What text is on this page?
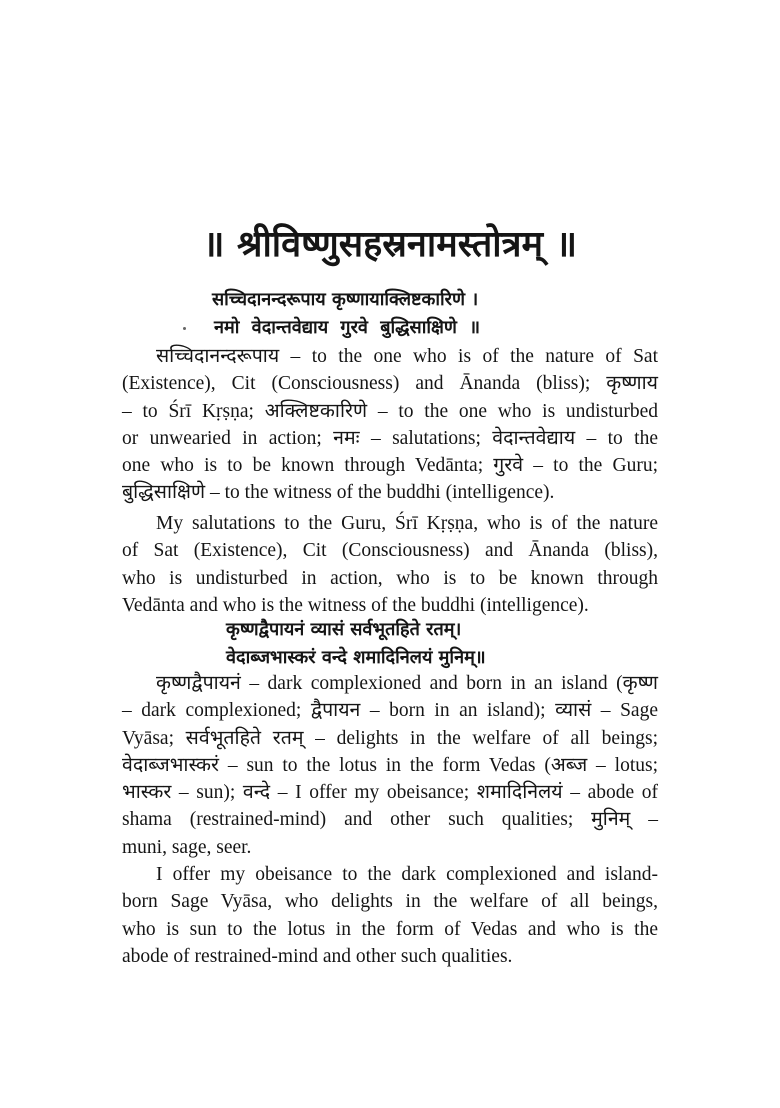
॥ श्रीविष्णुसहस्रनामस्तोत्रम् ॥
सच्चिदानन्दरूपाय कृष्णायाक्लिष्टकारिणे ।
नमो वेदान्तवेद्याय गुरवे बुद्धिसाक्षिणे ॥
सच्चिदानन्दरूपाय – to the one who is of the nature of Sat
(Existence), Cit (Consciousness) and Ānanda (bliss); कृष्णाय
– to Śrī Kṛṣṇa; अक्लिष्टकारिणे – to the one who is undisturbed
or unwearied in action; नमः – salutations; वेदान्तवेद्याय – to the
one who is to be known through Vedānta; गुरवे – to the Guru;
बुद्धिसाक्षिणे – to the witness of the buddhi (intelligence).
My salutations to the Guru, Śrī Kṛṣṇa, who is of the nature
of Sat (Existence), Cit (Consciousness) and Ānanda (bliss),
who is undisturbed in action, who is to be known through
Vedānta and who is the witness of the buddhi (intelligence).
कृष्णद्वैपायनं व्यासं सर्वभूतहिते रतम्।
वेदाब्जभास्करं वन्दे शमादिनिलयं मुनिम्॥
कृष्णद्वैपायनं – dark complexioned and born in an island (कृष्ण
– dark complexioned; द्वैपायन – born in an island); व्यासं – Sage
Vyāsa; सर्वभूतहिते रतम् – delights in the welfare of all beings;
वेदाब्जभास्करं – sun to the lotus in the form Vedas (अब्ज – lotus;
भास्कर – sun); वन्दे – I offer my obeisance; शमादिनिलयं – abode of
shama (restrained-mind) and other such qualities; मुनिम् –
muni, sage, seer.
I offer my obeisance to the dark complexioned and island-
born Sage Vyāsa, who delights in the welfare of all beings,
who is sun to the lotus in the form of Vedas and who is the
abode of restrained-mind and other such qualities.
